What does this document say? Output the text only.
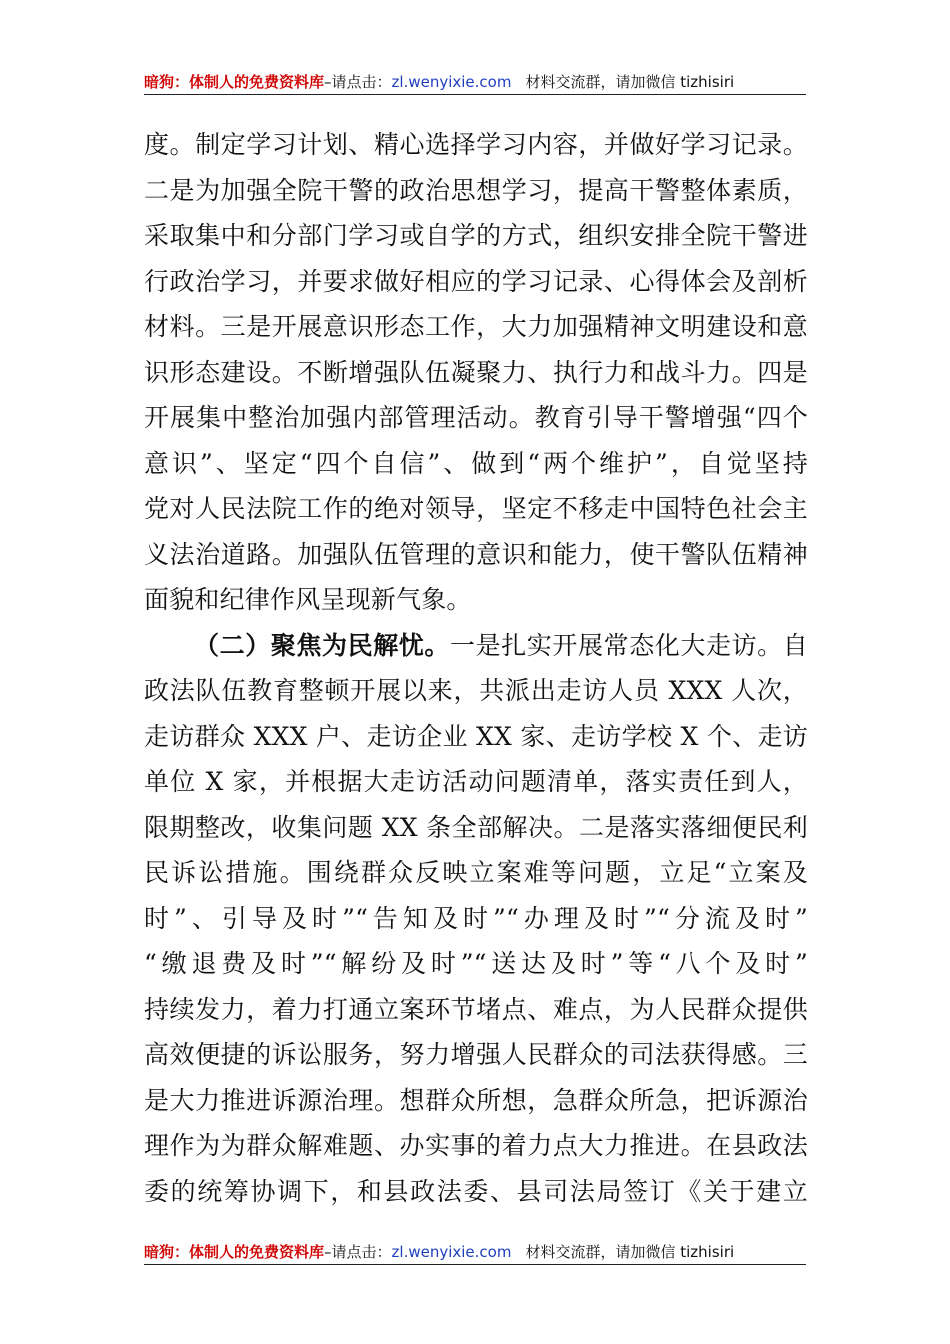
暗狗：体制人的免费资料库–请点击：zl.wenyixie.com 材料交流群，请加微信 tizhisiri
度。制定学习计划、精心选择学习内容，并做好学习记录。
二是为加强全院干警的政治思想学习，提高干警整体素质，
采取集中和分部门学习或自学的方式，组织安排全院干警进
行政治学习，并要求做好相应的学习记录、心得体会及剖析
材料。三是开展意识形态工作，大力加强精神文明建设和意
识形态建设。不断增强队伍凝聚力、执行力和战斗力。四是
开展集中整治加强内部管理活动。教育引导干警增强“四个
意识”、坚定“四个自信”、做到“两个维护”，自觉坚持
党对人民法院工作的绝对领导，坚定不移走中国特色社会主
义法治道路。加强队伍管理的意识和能力，使干警队伍精神
面貌和纪律作风呈现新气象。
（二）聚焦为民解忧。一是扎实开展常态化大走访。自
政法队伍教育整顿开展以来，共派出走访人员 XXX 人次，
走访群众 XXX 户、走访企业 XX 家、走访学校 X 个、走访
单位 X 家，并根据大走访活动问题清单，落实责任到人，
限期整改，收集问题 XX 条全部解决。二是落实落细便民利
民诉讼措施。围绕群众反映立案难等问题，立足“立案及
时”、引导及时”“告知及时”“办理及时”“分流及时”
“缴退费及时”“解纷及时”“送达及时”等“八个及时”
持续发力，着力打通立案环节堵点、难点，为人民群众提供
高效便捷的诉讼服务，努力增强人民群众的司法获得感。三
是大力推进诉源治理。想群众所想，急群众所急，把诉源治
理作为为群众解难题、办实事的着力点大力推进。在县政法
委的统筹协调下，和县政法委、县司法局签订《关于建立
暗狗：体制人的免费资料库–请点击：zl.wenyixie.com 材料交流群，请加微信 tizhisiri
